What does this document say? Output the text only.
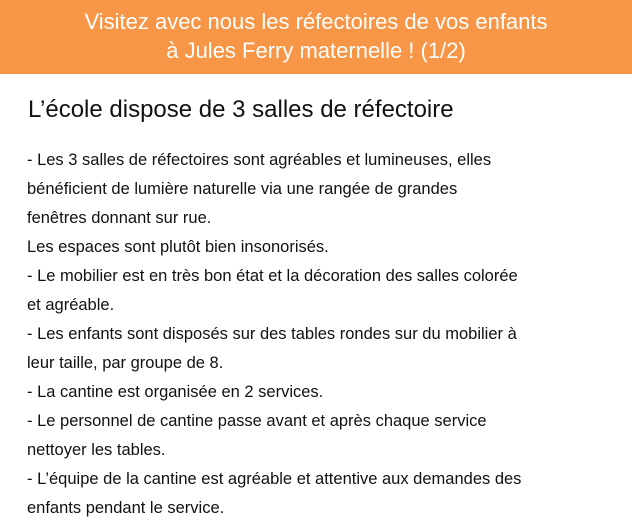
Visitez avec nous les réfectoires de vos enfants
à Jules Ferry maternelle ! (1/2)
L’école dispose de 3 salles de réfectoire
- Les 3 salles de réfectoires sont agréables et lumineuses, elles
bénéficient de lumière naturelle via une rangée de grandes
fenêtres donnant sur rue.
Les espaces sont plutôt bien insonorisés.
- Le mobilier est en très bon état et la décoration des salles colorée
et agréable.
- Les enfants sont disposés sur des tables rondes sur du mobilier à
leur taille, par groupe de 8.
- La cantine est organisée en 2 services.
- Le personnel de cantine passe avant et après chaque service
nettoyer les tables.
- L’équipe de la cantine est agréable et attentive aux demandes des
enfants pendant le service.
